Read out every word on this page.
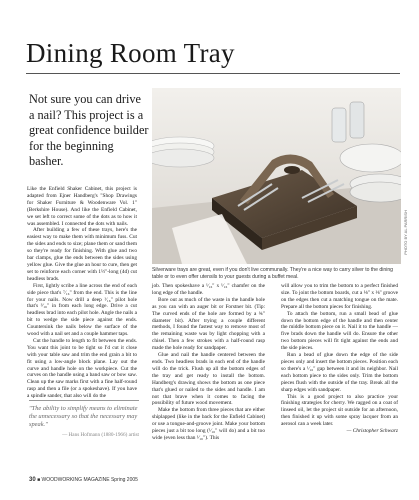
Dining Room Tray

Not sure you can drive a nail? This project is a great confidence builder for the beginning basher.

PHOTO BY AL PARRISH
Silverware trays are great, even if you don't live communally. They're a nice way to carry silver to the dining table or to even offer utensils to your guests during a buffet meal.

Like the Enfield Shaker Cabinet, this project is adapted from Ejner Handberg's "Shop Drawings for Shaker Furniture & Woodenware Vol. 1" (Berkshire House). And like the Enfield Cabinet, we set left to correct some of the dots as to how it was assembled. I connected the dots with nails.

After building a few of these trays, here's the easiest way to make them with minimum fuss. Cut the sides and ends to size; plane them or sand them so they're ready for finishing. With glue and two bar clamps, glue the ends between the sides using yellow glue. Give the glue an hour to cure, then get set to reinforce each corner with 1½"-long (4d) cut headless brads.

First, lightly scribe a line across the end of each side piece that's ⁷⁄₁₆" from the end. This is the line for your nails. Now drill a deep ¹⁄₁₆" pilot hole that's ³⁄₁₆" in from each long edge. Drive a cut headless brad into each pilot hole. Angle the nails a bit to wedge the side piece against the ends. Countersink the nails below the surface of the wood with a nail set and a couple hammer taps.

Cut the handle to length to fit between the ends. You want this joint to be tight so I'd cut it close with your table saw and trim the end grain a bit to fit using a low-angle block plane. Lay out the curve and handle hole on the workpiece. Cut the curves on the handle using a band saw or bow saw. Clean up the saw marks first with a fine half-round rasp and then a file (or a spokeshave). If you have a spindle sander, that also will do the

"The ability to simplify means to eliminate the unnecessary so that the necessary may speak."
— Hans Hofmann (1880-1966) artist

job. Then spokeshave a ¹⁄₁₆" x ¹⁄₁₆" chamfer on the long edge of the handle.

Bore out as much of the waste in the handle hole as you can with an auger bit or Forstner bit. (Tip: The curved ends of the hole are formed by a ¾" diameter bit). After trying a couple different methods, I found the fastest way to remove most of the remaining waste was by light chopping with a chisel. Then a few strokes with a half-round rasp made the hole ready for sandpaper.

Glue and nail the handle centered between the ends. Two headless brads in each end of the handle will do the trick. Flush up all the bottom edges of the tray and get ready to install the bottom. Handberg's drawing shows the bottom as one piece that's glued or nailed to the sides and handle. I am not that brave when it comes to facing the possibility of future wood movement.

Make the bottom from three pieces that are either shiplapped (like in the back for the Enfield Cabinet) or use a tongue-and-groove joint. Make your bottom pieces just a bit too long (¹⁄₁₆" will do) and a bit too wide (even less than ¹⁄₁₆"). This

will allow you to trim the bottom to a perfect finished size. To joint the bottom boards, cut a ⅛" x ⅛" groove on the edges then cut a matching tongue on the mate. Prepare all the bottom pieces for finishing.

To attach the bottom, run a small bead of glue down the bottom edge of the handle and then center the middle bottom piece on it. Nail it to the handle — five brads down the handle will do. Ensure the other two bottom pieces will fit tight against the ends and the side pieces.

Run a bead of glue down the edge of the side pieces only and insert the bottom pieces. Position each so there's a ¹⁄₁₆" gap between it and its neighbor. Nail each bottom piece to the sides only. Trim the bottom pieces flush with the outside of the tray. Break all the sharp edges with sandpaper.

This is a good project to also practice your finishing strategies for cherry. We ragged on a coat of linseed oil, let the project sit outside for an afternoon, then finished it up with some spray lacquer from an aerosol can a week later.

— Christopher Schwarz

30 ■ WOODWORKING MAGAZINE Spring 2005
